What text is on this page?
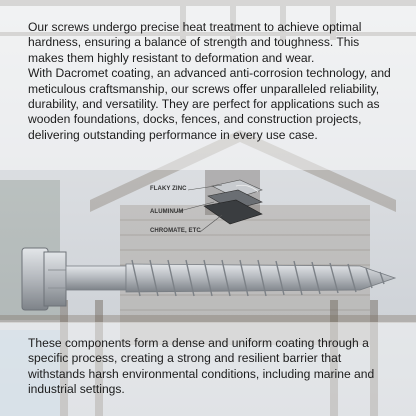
FLAKY ZINC
ALUMINUM
CHROMATE, ETC

Our screws undergo precise heat treatment to achieve optimal hardness, ensuring a balance of strength and toughness. This makes them highly resistant to deformation and wear.

With Dacromet coating, an advanced anti-corrosion technology, and meticulous craftsmanship, our screws offer unparalleled reliability, durability, and versatility. They are perfect for applications such as wooden foundations, docks, fences, and construction projects, delivering outstanding performance in every use case.

These components form a dense and uniform coating through a specific process, creating a strong and resilient barrier that withstands harsh environmental conditions, including marine and industrial settings.
